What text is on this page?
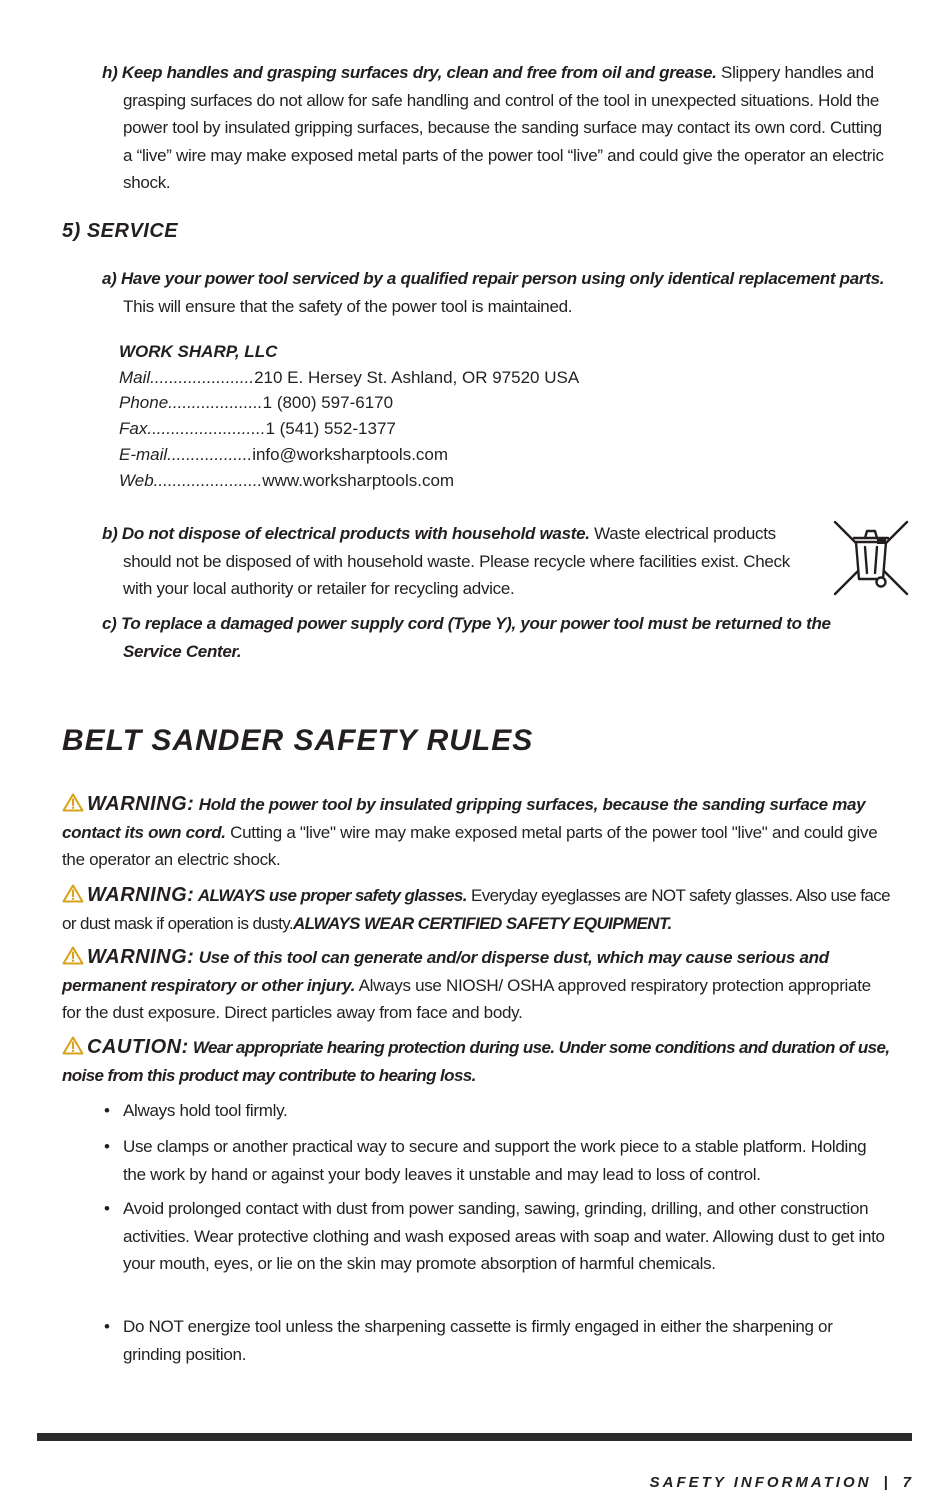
h) Keep handles and grasping surfaces dry, clean and free from oil and grease. Slippery handles and grasping surfaces do not allow for safe handling and control of the tool in unexpected situations. Hold the power tool by insulated gripping surfaces, because the sanding surface may contact its own cord. Cutting a “live” wire may make exposed metal parts of the power tool “live” and could give the operator an electric shock.
5) SERVICE
a) Have your power tool serviced by a qualified repair person using only identical replacement parts. This will ensure that the safety of the power tool is maintained.
WORK SHARP, LLC
Mail ...................... 210 E. Hersey St. Ashland, OR 97520 USA
Phone .................... 1 (800) 597-6170
Fax ......................... 1 (541) 552-1377
E-mail .................. info@worksharptools.com
Web ....................... www.worksharptools.com
b) Do not dispose of electrical products with household waste. Waste electrical products should not be disposed of with household waste. Please recycle where facilities exist. Check with your local authority or retailer for recycling advice.
c) To replace a damaged power supply cord (Type Y), your power tool must be returned to the Service Center.
BELT SANDER SAFETY RULES
WARNING: Hold the power tool by insulated gripping surfaces, because the sanding surface may contact its own cord. Cutting a "live" wire may make exposed metal parts of the power tool "live" and could give the operator an electric shock.
WARNING: ALWAYS use proper safety glasses. Everyday eyeglasses are NOT safety glasses. Also use face or dust mask if operation is dusty.ALWAYS WEAR CERTIFIED SAFETY EQUIPMENT.
WARNING: Use of this tool can generate and/or disperse dust, which may cause serious and permanent respiratory or other injury. Always use NIOSH/ OSHA approved respiratory protection appropriate for the dust exposure. Direct particles away from face and body.
CAUTION: Wear appropriate hearing protection during use. Under some conditions and duration of use, noise from this product may contribute to hearing loss.
• Always hold tool firmly.
• Use clamps or another practical way to secure and support the work piece to a stable platform. Holding the work by hand or against your body leaves it unstable and may lead to loss of control.
• Avoid prolonged contact with dust from power sanding, sawing, grinding, drilling, and other construction activities. Wear protective clothing and wash exposed areas with soap and water. Allowing dust to get into your mouth, eyes, or lie on the skin may promote absorption of harmful chemicals.
• Do NOT energize tool unless the sharpening cassette is firmly engaged in either the sharpening or grinding position.
SAFETY INFORMATION | 7
